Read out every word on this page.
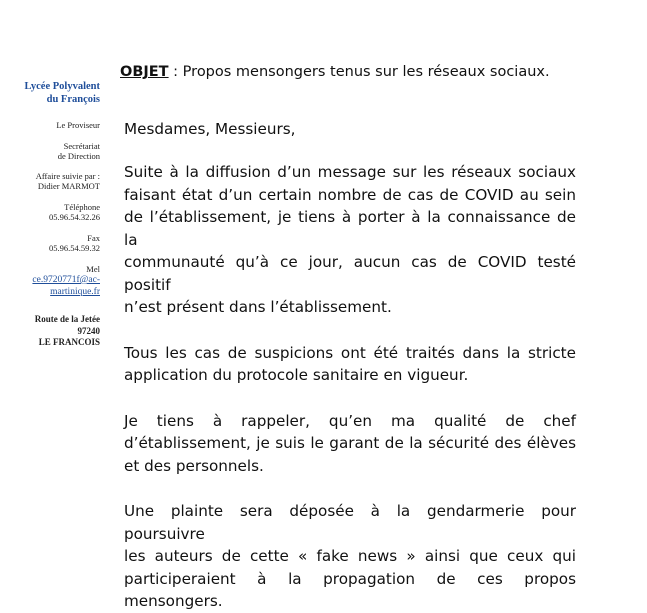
Lycée Polyvalent
du François
Le Proviseur
Secrétariat
de Direction
Affaire suivie par :
Didier MARMOT
Téléphone
05.96.54.32.26
Fax
05.96.54.59.32
Mel
ce.9720771f@ac-
martinique.fr
Route de la Jetée
97240
LE FRANCOIS
OBJET : Propos mensongers tenus sur les réseaux sociaux.
Mesdames, Messieurs,
Suite à la diffusion d’un message sur les réseaux sociaux
faisant état d’un certain nombre de cas de COVID au sein
de l’établissement, je tiens à porter à la connaissance de la
communauté qu’à ce jour, aucun cas de COVID testé positif
n’est présent dans l’établissement.
Tous les cas de suspicions ont été traités dans la stricte
application du protocole sanitaire en vigueur.
Je tiens à rappeler, qu’en ma qualité de chef
d’établissement, je suis le garant de la sécurité des élèves
et des personnels.
Une plainte sera déposée à la gendarmerie pour poursuivre
les auteurs de cette « fake news » ainsi que ceux qui
participeraient à la propagation de ces propos mensongers.
